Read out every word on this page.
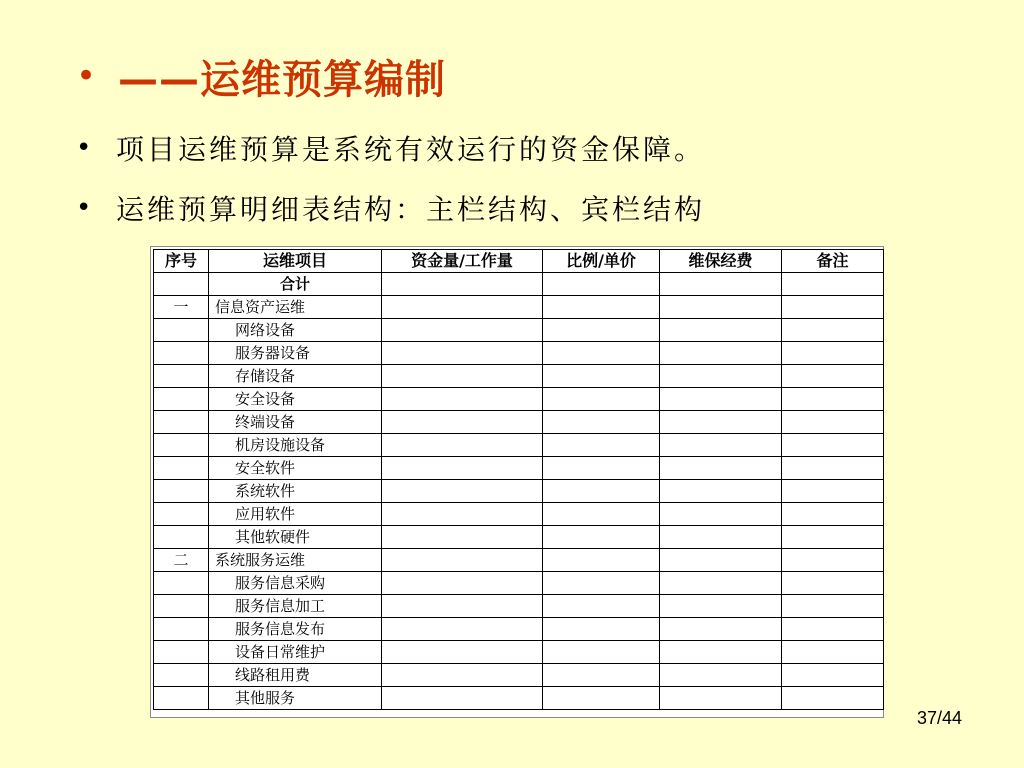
• ——运维预算编制
• 项目运维预算是系统有效运行的资金保障。
• 运维预算明细表结构：主栏结构、宾栏结构
序号	运维项目	资金量/工作量	比例/单价	维保经费	备注
	合计				
一	信息资产运维				
	网络设备				
	服务器设备				
	存储设备				
	安全设备				
	终端设备				
	机房设施设备				
	安全软件				
	系统软件				
	应用软件				
	其他软硬件				
二	系统服务运维				
	服务信息采购				
	服务信息加工				
	服务信息发布				
	设备日常维护				
	线路租用费				
	其他服务				
37/44
